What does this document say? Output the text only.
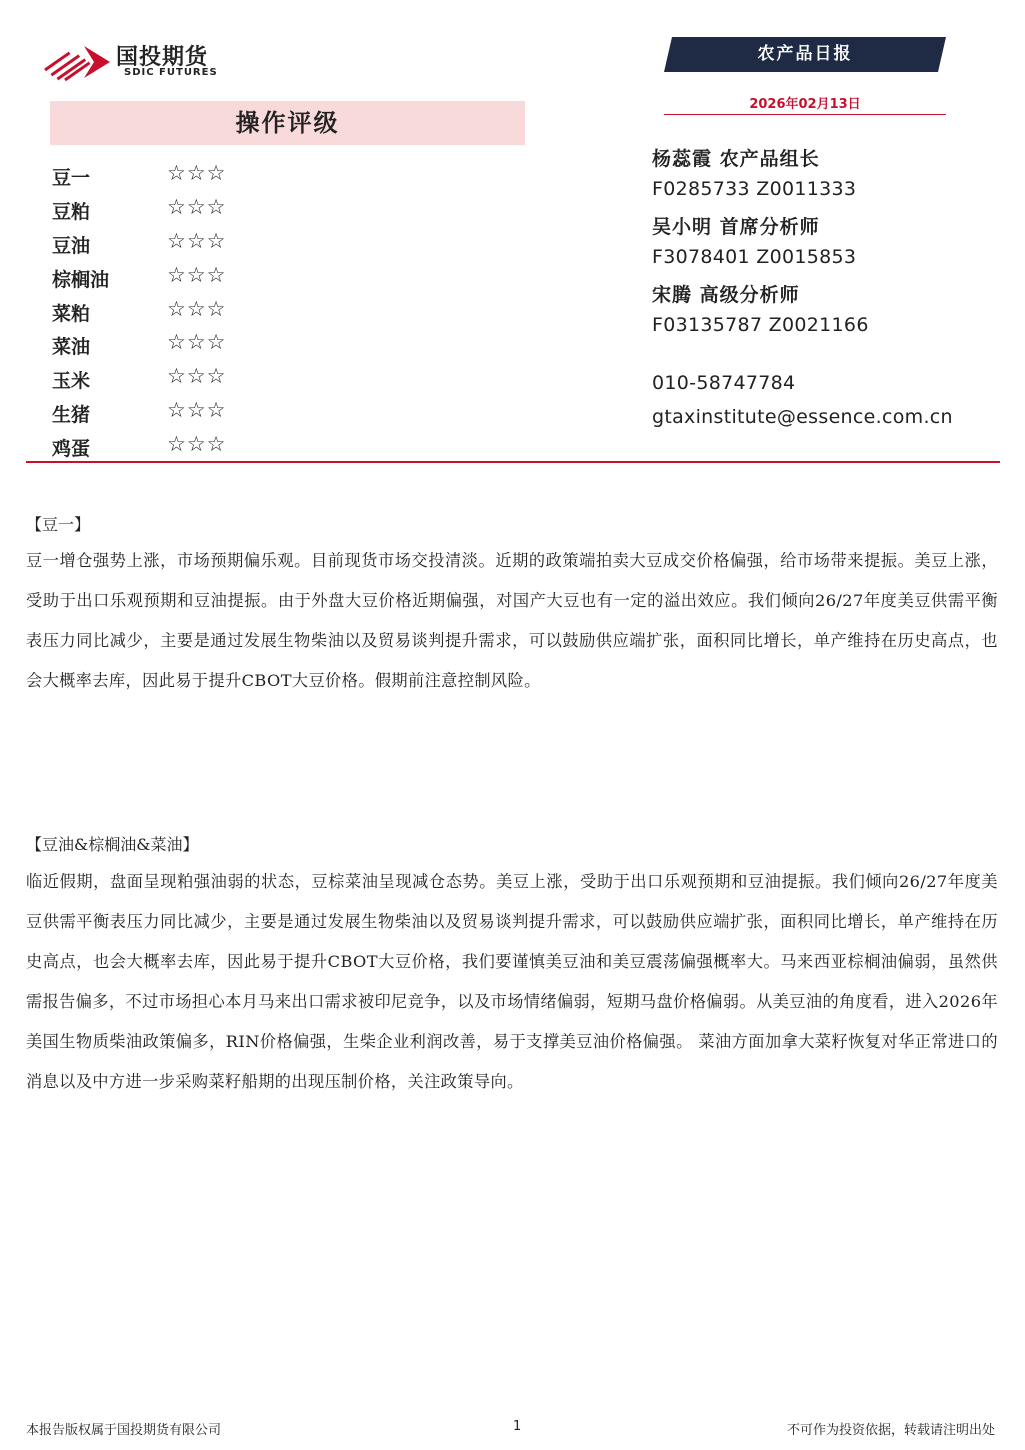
国投期货
SDIC FUTURES
农产品日报
2026年02月13日
操作评级
豆一	☆☆☆
豆粕	☆☆☆
豆油	☆☆☆
棕榈油	☆☆☆
菜粕	☆☆☆
菜油	☆☆☆
玉米	☆☆☆
生猪	☆☆☆
鸡蛋	☆☆☆
杨蕊霞 农产品组长
F0285733 Z0011333
吴小明 首席分析师
F3078401 Z0015853
宋腾 高级分析师
F03135787 Z0021166
010-58747784
gtaxinstitute@essence.com.cn
【豆一】
豆一增仓强势上涨，市场预期偏乐观。目前现货市场交投清淡。近期的政策端拍卖大豆成交价格偏强，给市场带来提振。美豆上涨，受助于出口乐观预期和豆油提振。由于外盘大豆价格近期偏强，对国产大豆也有一定的溢出效应。我们倾向26/27年度美豆供需平衡表压力同比减少，主要是通过发展生物柴油以及贸易谈判提升需求，可以鼓励供应端扩张，面积同比增长，单产维持在历史高点，也会大概率去库，因此易于提升CBOT大豆价格。假期前注意控制风险。
【豆油&棕榈油&菜油】
临近假期，盘面呈现粕强油弱的状态，豆棕菜油呈现减仓态势。美豆上涨，受助于出口乐观预期和豆油提振。我们倾向26/27年度美豆供需平衡表压力同比减少，主要是通过发展生物柴油以及贸易谈判提升需求，可以鼓励供应端扩张，面积同比增长，单产维持在历史高点，也会大概率去库，因此易于提升CBOT大豆价格，我们要谨慎美豆油和美豆震荡偏强概率大。马来西亚棕榈油偏弱，虽然供需报告偏多，不过市场担心本月马来出口需求被印尼竞争，以及市场情绪偏弱，短期马盘价格偏弱。从美豆油的角度看，进入2026年美国生物质柴油政策偏多，RIN价格偏强，生柴企业利润改善，易于支撑美豆油价格偏强。 菜油方面加拿大菜籽恢复对华正常进口的消息以及中方进一步采购菜籽船期的出现压制价格，关注政策导向。
本报告版权属于国投期货有限公司	1	不可作为投资依据，转载请注明出处
